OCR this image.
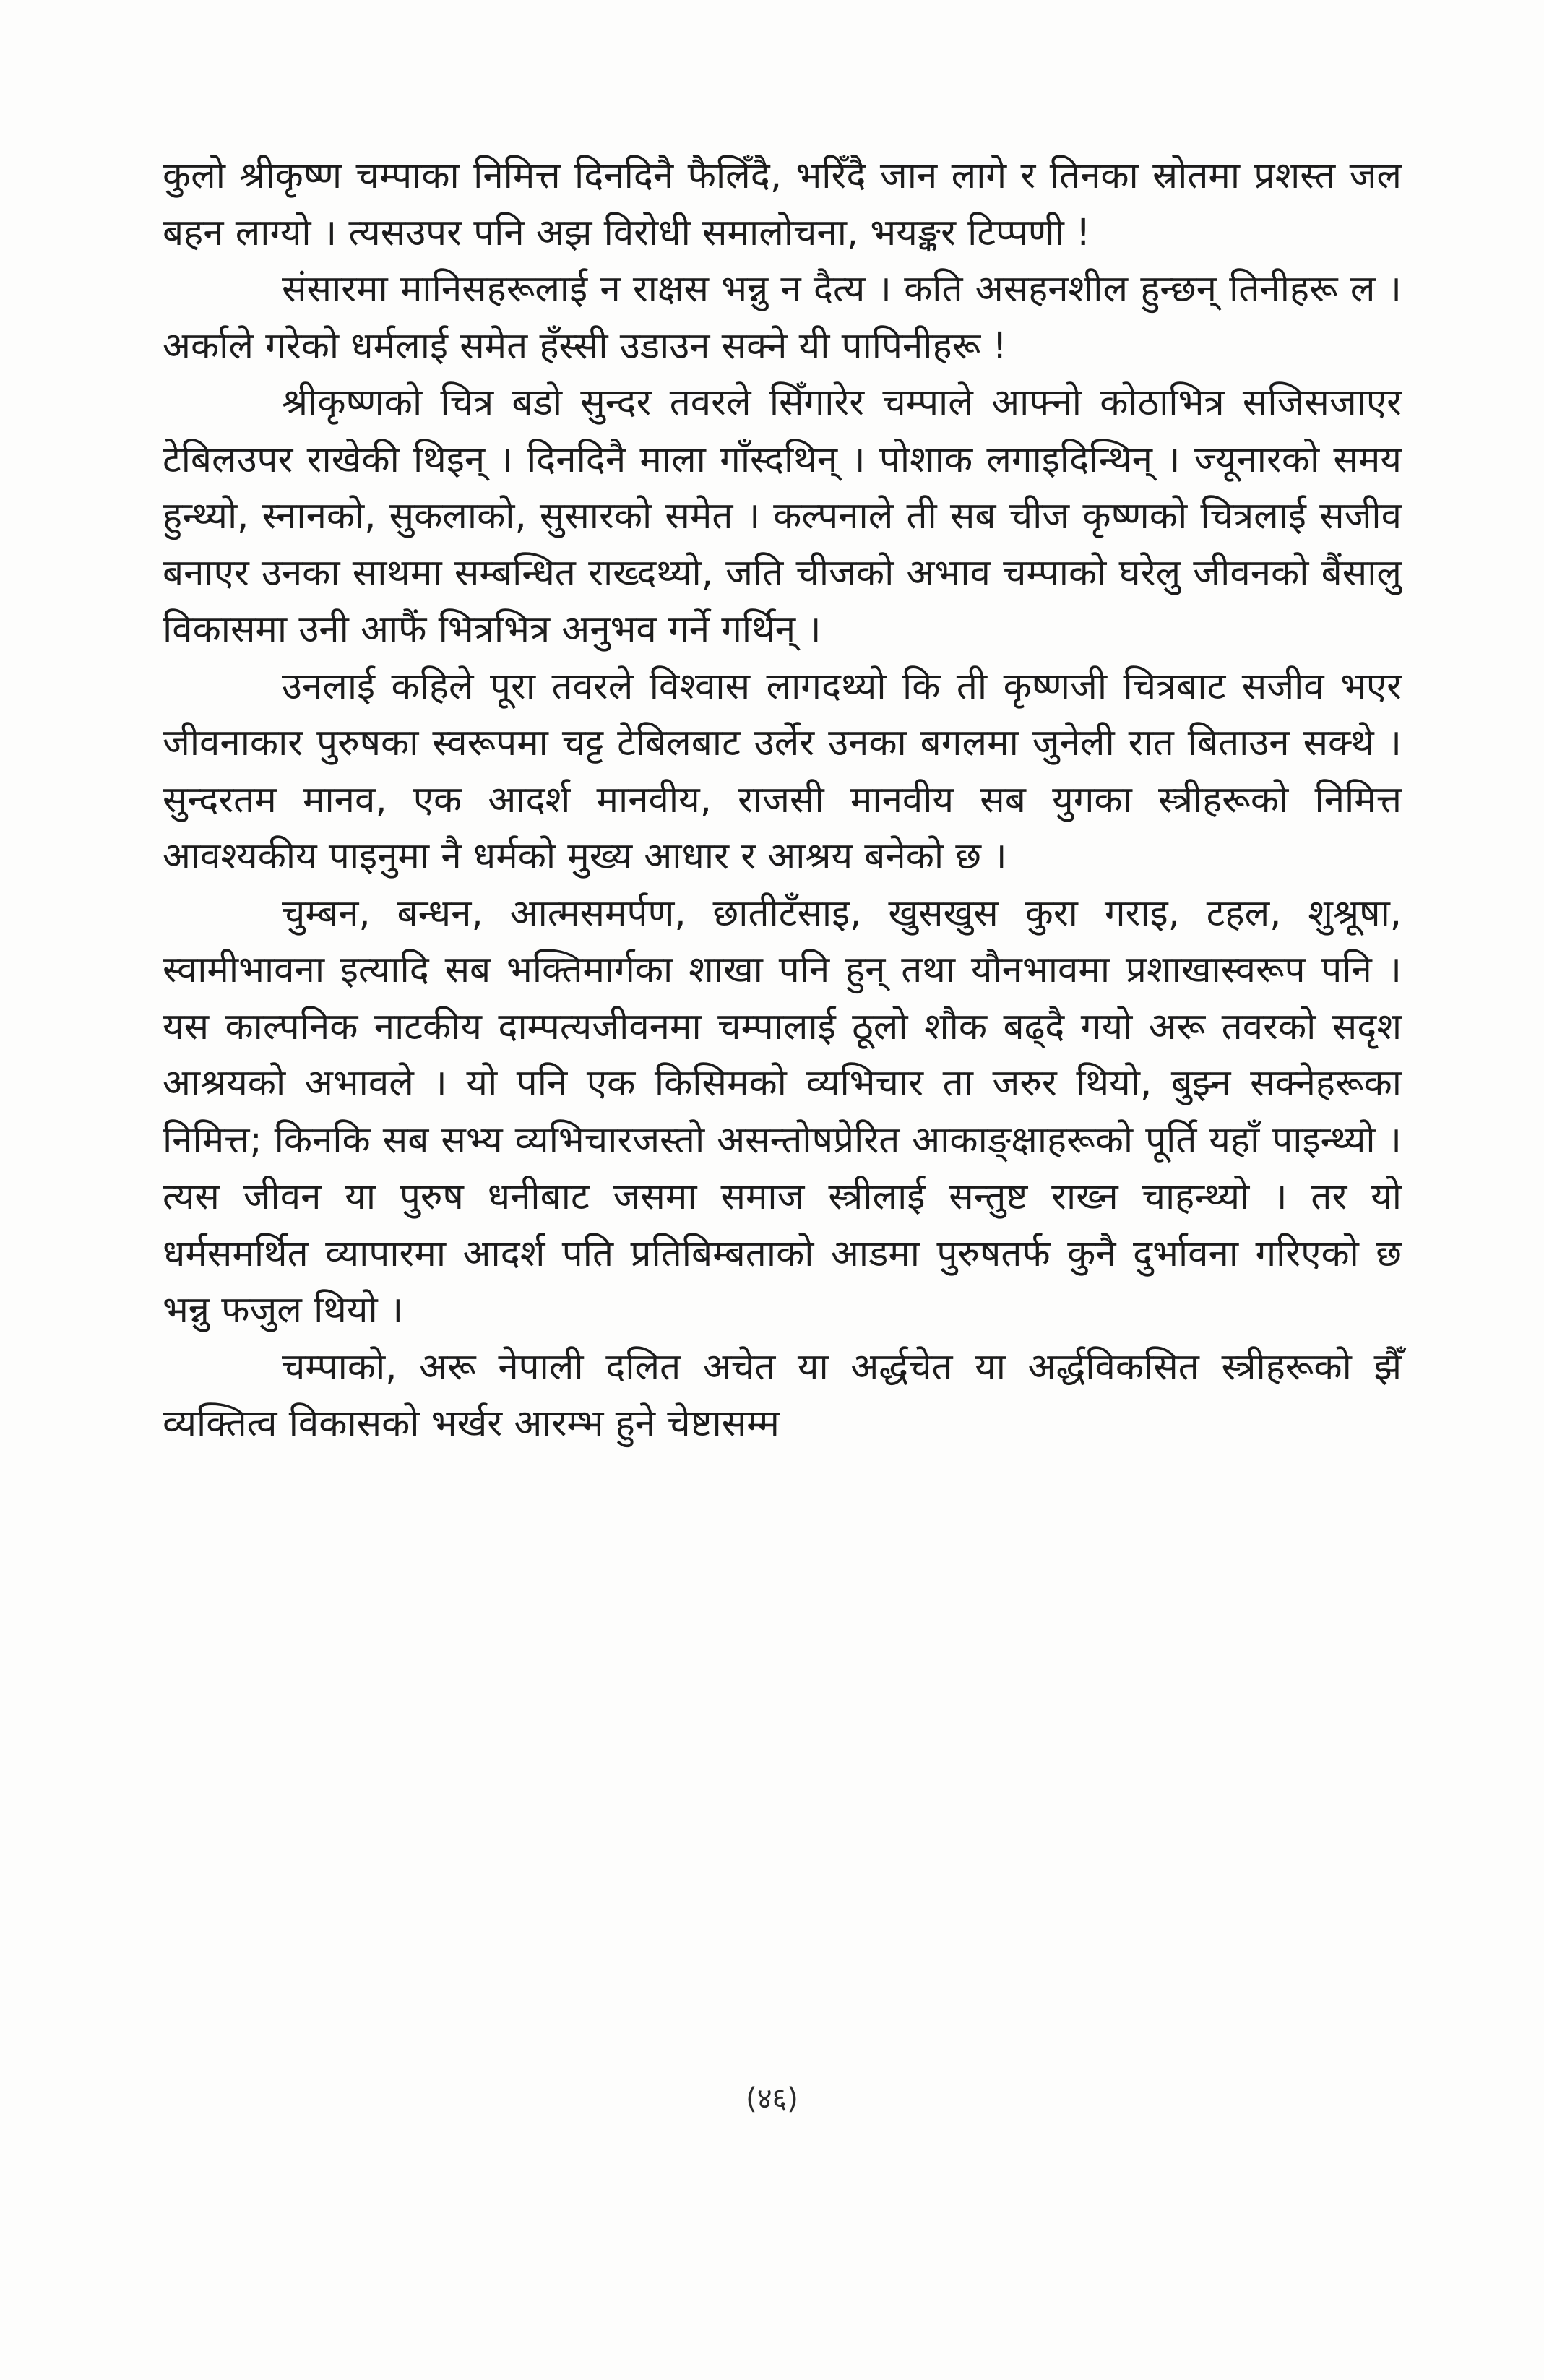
कुलो श्रीकृष्ण चम्पाका निमित्त दिनदिनै फैलिँदै, भरिँदै जान लागे र तिनका स्रोतमा प्रशस्त जल बहन लाग्यो । त्यसउपर पनि अझ विरोधी समालोचना, भयङ्कर टिप्पणी !

संसारमा मानिसहरूलाई न राक्षस भन्नु न दैत्य । कति असहनशील हुन्छन् तिनीहरू ल । अर्काले गरेको धर्मलाई समेत हँस्सी उडाउन सक्ने यी पापिनीहरू !

श्रीकृष्णको चित्र बडो सुन्दर तवरले सिँगारेर चम्पाले आफ्नो कोठाभित्र सजिसजाएर टेबिलउपर राखेकी थिइन् । दिनदिनै माला गाँस्दथिन् । पोशाक लगाइदिन्थिन् । ज्यूनारको समय हुन्थ्यो, स्नानको, सुकलाको, सुसारको समेत । कल्पनाले ती सब चीज कृष्णको चित्रलाई सजीव बनाएर उनका साथमा सम्बन्धित राख्दथ्यो, जति चीजको अभाव चम्पाको घरेलु जीवनको बैंसालु विकासमा उनी आफैं भित्रभित्र अनुभव गर्ने गर्थिन् ।

उनलाई कहिले पूरा तवरले विश्वास लागदथ्यो कि ती कृष्णजी चित्रबाट सजीव भएर जीवनाकार पुरुषका स्वरूपमा चट्ट टेबिलबाट उर्लेर उनका बगलमा जुनेली रात बिताउन सक्थे । सुन्दरतम मानव, एक आदर्श मानवीय, राजसी मानवीय सब युगका स्त्रीहरूको निमित्त आवश्यकीय पाइनुमा नै धर्मको मुख्य आधार र आश्रय बनेको छ ।

चुम्बन, बन्धन, आत्मसमर्पण, छातीटँसाइ, खुसखुस कुरा गराइ, टहल, शुश्रूषा, स्वामीभावना इत्यादि सब भक्तिमार्गका शाखा पनि हुन् तथा यौनभावमा प्रशाखास्वरूप पनि । यस काल्पनिक नाटकीय दाम्पत्यजीवनमा चम्पालाई ठूलो शौक बढ्दै गयो अरू तवरको सदृश आश्रयको अभावले । यो पनि एक किसिमको व्यभिचार ता जरुर थियो, बुझ्न सक्नेहरूका निमित्त; किनकि सब सभ्य व्यभिचारजस्तो असन्तोषप्रेरित आकाङ्क्षाहरूको पूर्ति यहाँ पाइन्थ्यो । त्यस जीवन या पुरुष धनीबाट जसमा समाज स्त्रीलाई सन्तुष्ट राख्न चाहन्थ्यो । तर यो धर्मसमर्थित व्यापारमा आदर्श पति प्रतिबिम्बताको आडमा पुरुषतर्फ कुनै दुर्भावना गरिएको छ भन्नु फजुल थियो ।

चम्पाको, अरू नेपाली दलित अचेत या अर्द्धचेत या अर्द्धविकसित स्त्रीहरूको झैँ व्यक्तित्व विकासको भर्खर आरम्भ हुने चेष्टासम्म

(४६)
